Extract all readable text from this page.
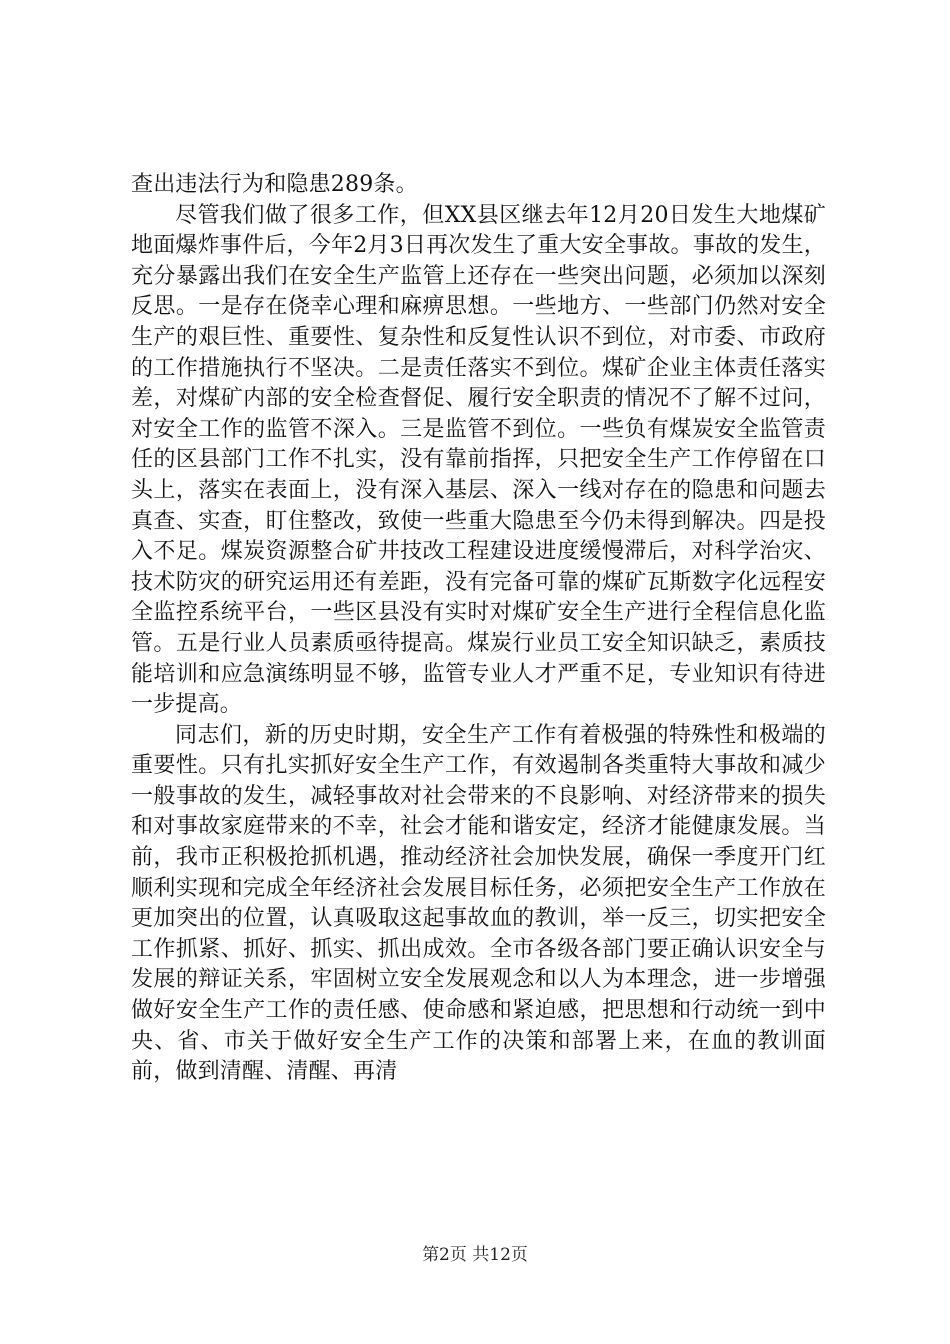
查出违法行为和隐患289条。

尽管我们做了很多工作，但XX县区继去年12月20日发生大地煤矿地面爆炸事件后，今年2月3日再次发生了重大安全事故。事故的发生，充分暴露出我们在安全生产监管上还存在一些突出问题，必须加以深刻反思。一是存在侥幸心理和麻痹思想。一些地方、一些部门仍然对安全生产的艰巨性、重要性、复杂性和反复性认识不到位，对市委、市政府的工作措施执行不坚决。二是责任落实不到位。煤矿企业主体责任落实差，对煤矿内部的安全检查督促、履行安全职责的情况不了解不过问，对安全工作的监管不深入。三是监管不到位。一些负有煤炭安全监管责任的区县部门工作不扎实，没有靠前指挥，只把安全生产工作停留在口头上，落实在表面上，没有深入基层、深入一线对存在的隐患和问题去真查、实查，盯住整改，致使一些重大隐患至今仍未得到解决。四是投入不足。煤炭资源整合矿井技改工程建设进度缓慢滞后，对科学治灾、技术防灾的研究运用还有差距，没有完备可靠的煤矿瓦斯数字化远程安全监控系统平台，一些区县没有实时对煤矿安全生产进行全程信息化监管。五是行业人员素质亟待提高。煤炭行业员工安全知识缺乏，素质技能培训和应急演练明显不够，监管专业人才严重不足，专业知识有待进一步提高。

同志们，新的历史时期，安全生产工作有着极强的特殊性和极端的重要性。只有扎实抓好安全生产工作，有效遏制各类重特大事故和减少一般事故的发生，减轻事故对社会带来的不良影响、对经济带来的损失和对事故家庭带来的不幸，社会才能和谐安定，经济才能健康发展。当前，我市正积极抢抓机遇，推动经济社会加快发展，确保一季度开门红顺利实现和完成全年经济社会发展目标任务，必须把安全生产工作放在更加突出的位置，认真吸取这起事故血的教训，举一反三，切实把安全工作抓紧、抓好、抓实、抓出成效。全市各级各部门要正确认识安全与发展的辩证关系，牢固树立安全发展观念和以人为本理念，进一步增强做好安全生产工作的责任感、使命感和紧迫感，把思想和行动统一到中央、省、市关于做好安全生产工作的决策和部署上来，在血的教训面前，做到清醒、清醒、再清

第2页 共12页
